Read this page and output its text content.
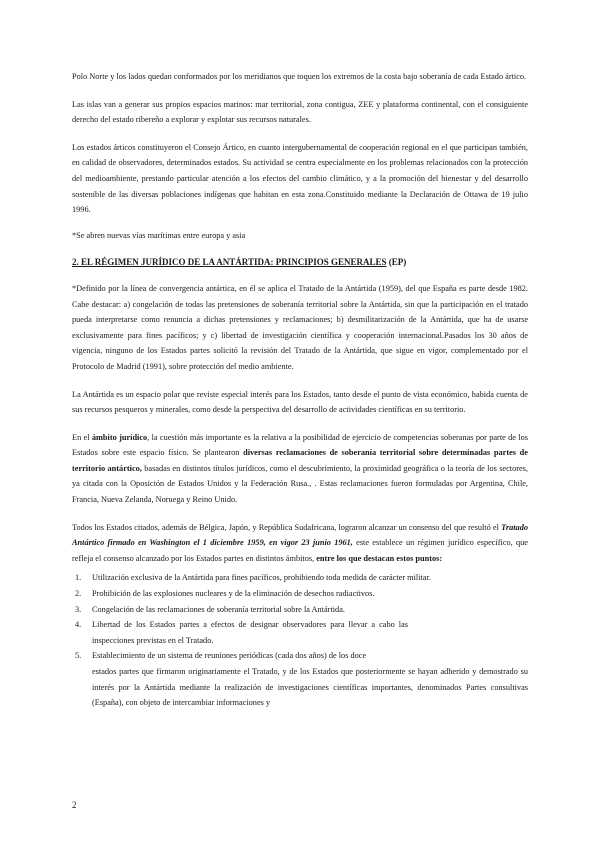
Polo Norte y los lados quedan conformados por los meridianos que toquen los extremos de la costa bajo soberanía de cada Estado ártico.

Las islas van a generar sus propios espacios marinos: mar territorial, zona contigua, ZEE y plataforma continental, con el consiguiente derecho del estado ribereño a explorar y explotar sus recursos naturales.

Los estados árticos constituyeron el Consejo Ártico, en cuanto intergubernamental de cooperación regional en el que participan también, en calidad de observadores, determinados estados. Su actividad se centra especialmente en los problemas relacionados con la protección del medioambiente, prestando particular atención a los efectos del cambio climático, y a la promoción del bienestar y del desarrollo sostenible de las diversas poblaciones indígenas que habitan en esta zona.Constituido mediante la Declaración de Ottawa de 19 julio 1996.

*Se abren nuevas vías marítimas entre europa y asia

2. EL RÉGIMEN JURÍDICO DE LA ANTÁRTIDA: PRINCIPIOS GENERALES (EP)

*Definido por la línea de convergencia antártica, en él se aplica el Tratado de la Antártida (1959), del que España es parte desde 1982. Cabe destacar: a) congelación de todas las pretensiones de soberanía territorial sobre la Antártida, sin que la participación en el tratado pueda interpretarse como renuncia a dichas pretensiones y reclamaciones; b) desmilitarización de la Antártida, que ha de usarse exclusivamente para fines pacíficos; y c) libertad de investigación científica y cooperación internacional.Pasados los 30 años de vigencia, ninguno de los Estados partes solicitó la revisión del Tratado de la Antártida, que sigue en vigor, complementado por el Protocolo de Madrid (1991), sobre protección del medio ambiente.

La Antártida es un espacio polar que reviste especial interés para los Estados, tanto desde el punto de vista económico, habida cuenta de sus recursos pesqueros y minerales, como desde la perspectiva del desarrollo de actividades científicas en su territorio.

En el ámbito jurídico, la cuestión más importante es la relativa a la posibilidad de ejercicio de competencias soberanas por parte de los Estados sobre este espacio físico. Se plantearon diversas reclamaciones de soberanía territorial sobre determinadas partes de territorio antártico, basadas en distintos títulos jurídicos, como el descubrimiento, la proximidad geográfica o la teoría de los sectores, ya citada con la Oposición de Estados Unidos y la Federación Rusa., . Estas reclamaciones fueron formuladas por Argentina, Chile, Francia, Nueva Zelanda, Noruega y Reino Unido.

Todos los Estados citados, además de Bélgica, Japón, y República Sudafricana, lograron alcanzar un consenso del que resultó el Tratado Antártico firmado en Washington el 1 diciembre 1959, en vigor 23 junio 1961, este establece un régimen jurídico específico, que refleja el consenso alcanzado por los Estados partes en distintos ámbitos, entre los que destacan estos puntos:

1. Utilización exclusiva de la Antártida para fines pacíficos, prohibiendo toda medida de carácter militar.
2. Prohibición de las explosiones nucleares y de la eliminación de desechos radiactivos.
3. Congelación de las reclamaciones de soberanía territorial sobre la Antártida.
4. Libertad de los Estados partes a efectos de designar observadores para llevar a cabo las inspecciones previstas en el Tratado.
5. Establecimiento de un sistema de reuniones periódicas (cada dos años) de los doce

estados partes que firmaron originariamente el Tratado, y de los Estados que posteriormente se hayan adherido y demostrado su interés por la Antártida mediante la realización de investigaciones científicas importantes, denominados Partes consultivas (España), con objeto de intercambiar informaciones y

2
